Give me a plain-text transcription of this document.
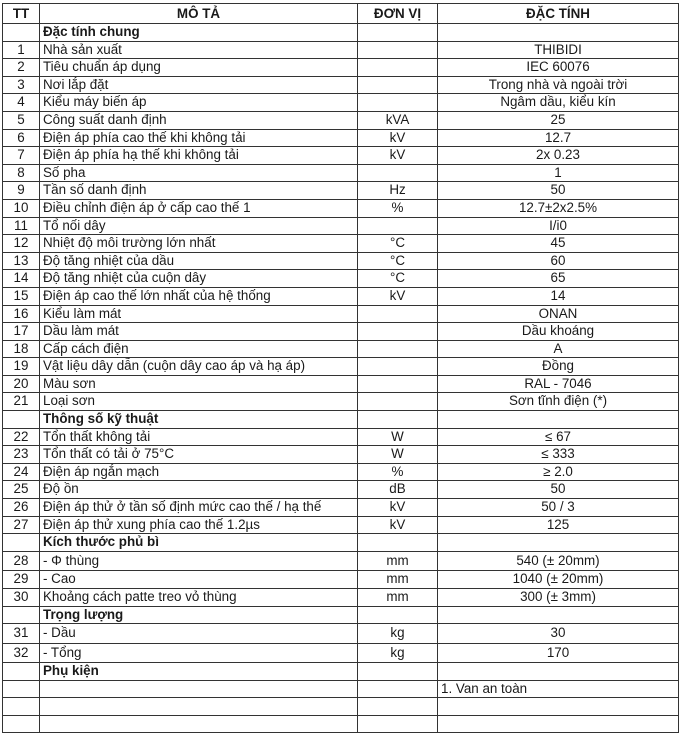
TT	MÔ TẢ	ĐƠN VỊ	ĐẶC TÍNH
	Đặc tính chung		
1	Nhà sản xuất		THIBIDI
2	Tiêu chuẩn áp dụng		IEC 60076
3	Nơi lắp đặt		Trong nhà và ngoài trời
4	Kiểu máy biến áp		Ngâm dầu, kiểu kín
5	Công suất danh định	kVA	25
6	Điện áp phía cao thế khi không tải	kV	12.7
7	Điện áp phía hạ thế khi không tải	kV	2x 0.23
8	Số pha		1
9	Tần số danh định	Hz	50
10	Điều chỉnh điện áp ở cấp cao thế 1	%	12.7±2x2.5%
11	Tổ nối dây		I/i0
12	Nhiệt độ môi trường lớn nhất	°C	45
13	Độ tăng nhiệt của dầu	°C	60
14	Độ tăng nhiệt của cuộn dây	°C	65
15	Điện áp cao thế lớn nhất của hệ thống	kV	14
16	Kiểu làm mát		ONAN
17	Dầu làm mát		Dầu khoáng
18	Cấp cách điện		A
19	Vật liệu dây dẫn (cuộn dây cao áp và hạ áp)		Đồng
20	Màu sơn		RAL - 7046
21	Loại sơn		Sơn tĩnh điện (*)
	Thông số kỹ thuật		
22	Tổn thất không tải	W	≤ 67
23	Tổn thất có tải ở 75°C	W	≤ 333
24	Điện áp ngắn mạch	%	≥ 2.0
25	Độ ồn	dB	50
26	Điện áp thử ở tần số định mức cao thế / hạ thế	kV	50 / 3
27	Điện áp thử xung phía cao thế 1.2µs	kV	125
	Kích thước phủ bì		
28	- Φ thùng	mm	540 (± 20mm)
29	- Cao	mm	1040 (± 20mm)
30	Khoảng cách patte treo vỏ thùng	mm	300 (± 3mm)
	Trọng lượng		
31	- Dầu	kg	30
32	- Tổng	kg	170
	Phụ kiện		
			1. Van an toàn
